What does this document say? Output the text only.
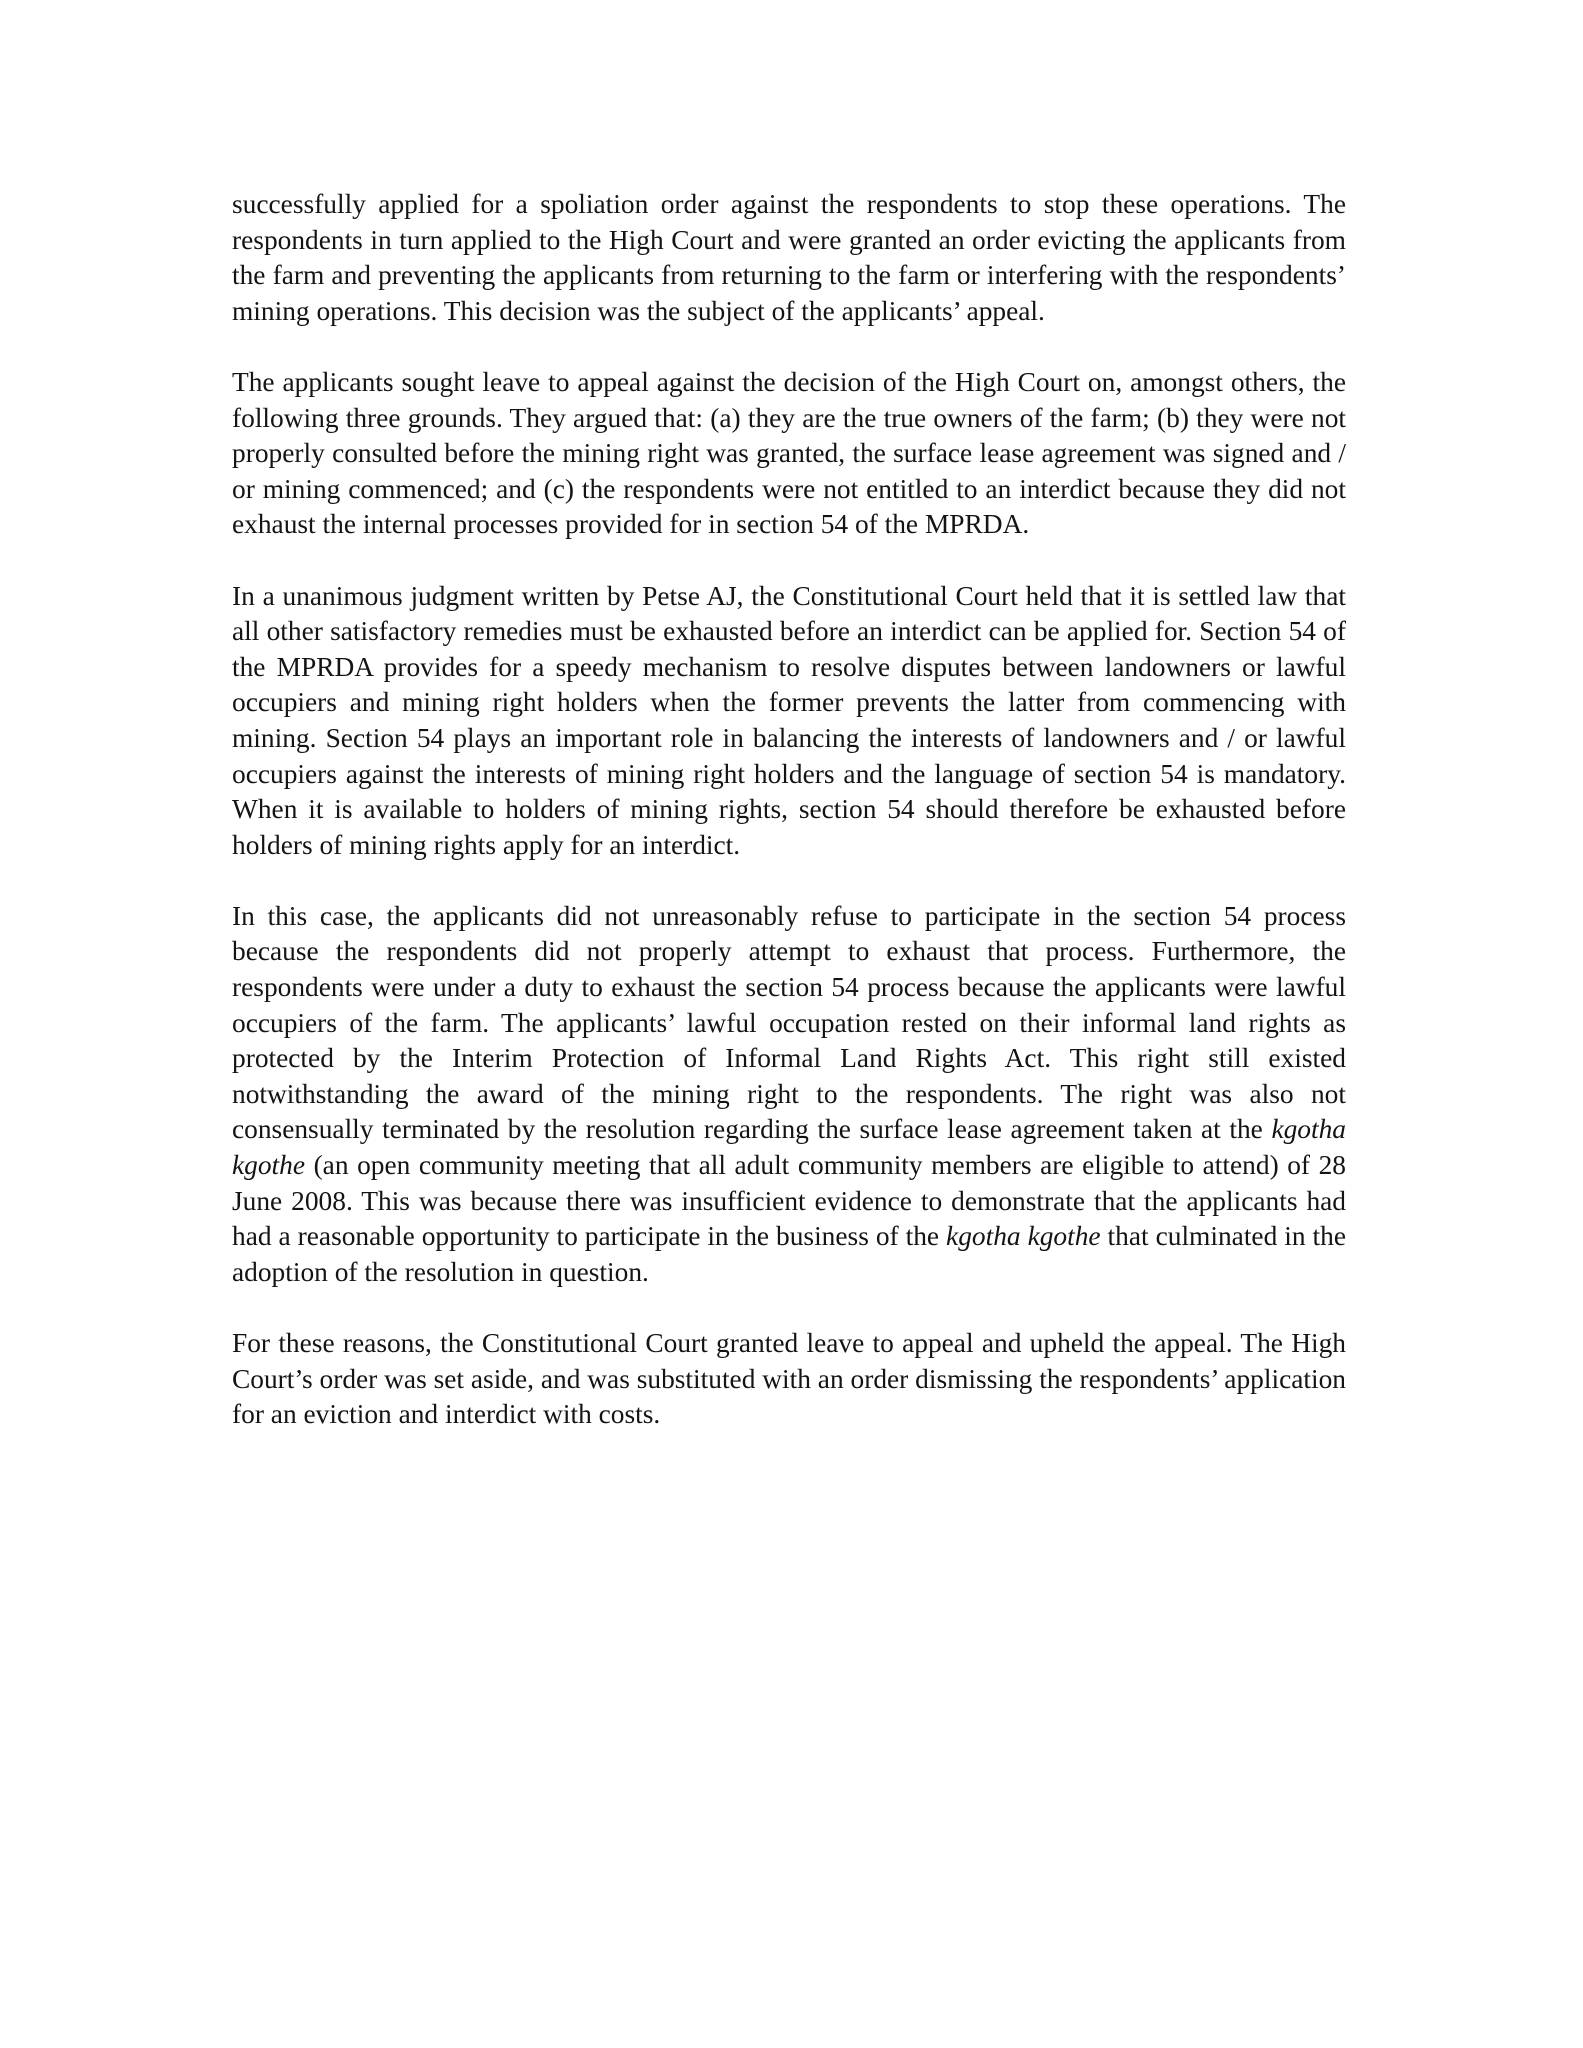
successfully applied for a spoliation order against the respondents to stop these operations. The respondents in turn applied to the High Court and were granted an order evicting the applicants from the farm and preventing the applicants from returning to the farm or interfering with the respondents’ mining operations. This decision was the subject of the applicants’ appeal.

The applicants sought leave to appeal against the decision of the High Court on, amongst others, the following three grounds. They argued that: (a) they are the true owners of the farm; (b) they were not properly consulted before the mining right was granted, the surface lease agreement was signed and / or mining commenced; and (c) the respondents were not entitled to an interdict because they did not exhaust the internal processes provided for in section 54 of the MPRDA.

In a unanimous judgment written by Petse AJ, the Constitutional Court held that it is settled law that all other satisfactory remedies must be exhausted before an interdict can be applied for. Section 54 of the MPRDA provides for a speedy mechanism to resolve disputes between landowners or lawful occupiers and mining right holders when the former prevents the latter from commencing with mining. Section 54 plays an important role in balancing the interests of landowners and / or lawful occupiers against the interests of mining right holders and the language of section 54 is mandatory. When it is available to holders of mining rights, section 54 should therefore be exhausted before holders of mining rights apply for an interdict.

In this case, the applicants did not unreasonably refuse to participate in the section 54 process because the respondents did not properly attempt to exhaust that process. Furthermore, the respondents were under a duty to exhaust the section 54 process because the applicants were lawful occupiers of the farm. The applicants’ lawful occupation rested on their informal land rights as protected by the Interim Protection of Informal Land Rights Act. This right still existed notwithstanding the award of the mining right to the respondents. The right was also not consensually terminated by the resolution regarding the surface lease agreement taken at the kgotha kgothe (an open community meeting that all adult community members are eligible to attend) of 28 June 2008. This was because there was insufficient evidence to demonstrate that the applicants had had a reasonable opportunity to participate in the business of the kgotha kgothe that culminated in the adoption of the resolution in question.

For these reasons, the Constitutional Court granted leave to appeal and upheld the appeal. The High Court’s order was set aside, and was substituted with an order dismissing the respondents’ application for an eviction and interdict with costs.
